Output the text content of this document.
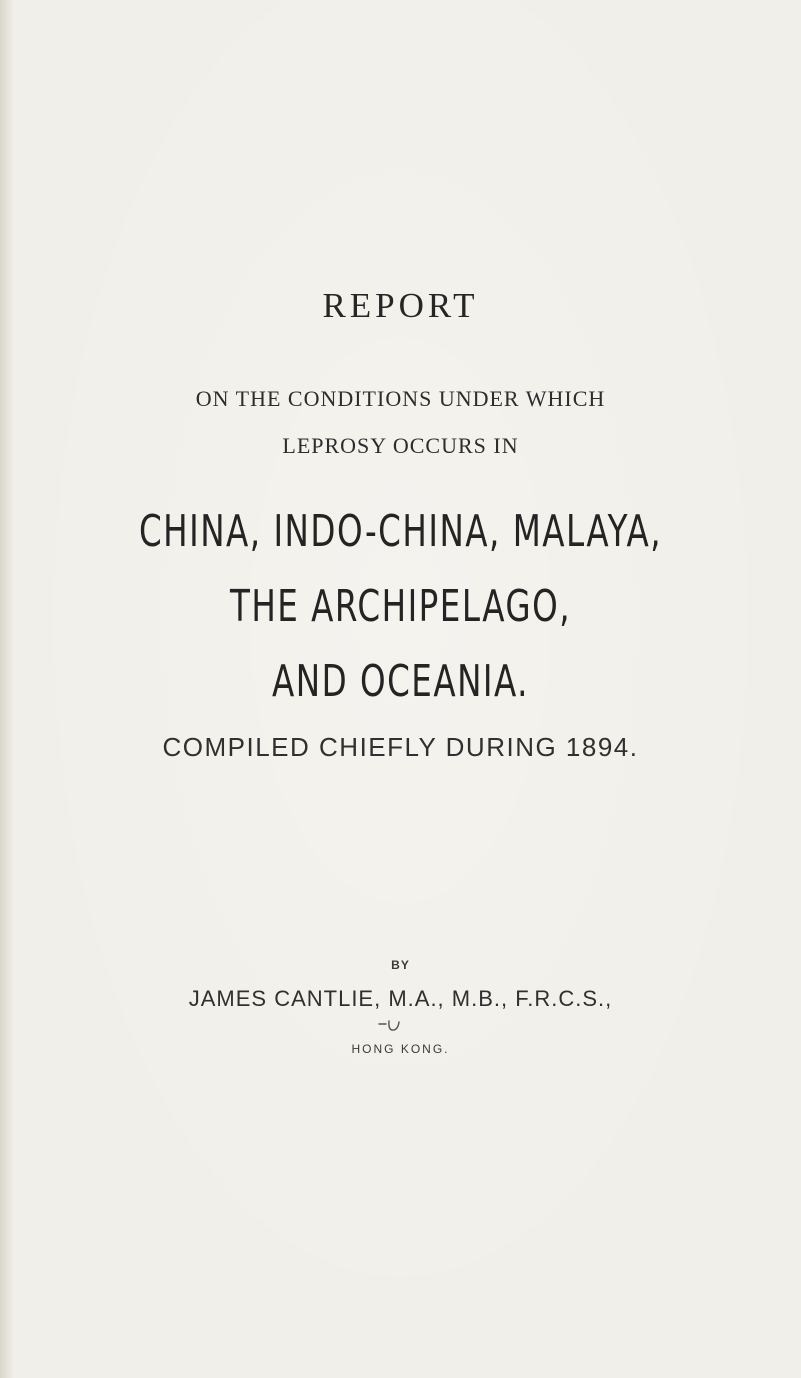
REPORT
ON THE CONDITIONS UNDER WHICH
LEPROSY OCCURS IN
CHINA, INDO-CHINA, MALAYA,
THE ARCHIPELAGO,
AND OCEANIA.
COMPILED CHIEFLY DURING 1894.
BY
JAMES CANTLIE, M.A., M.B., F.R.C.S.,
HONG KONG.
